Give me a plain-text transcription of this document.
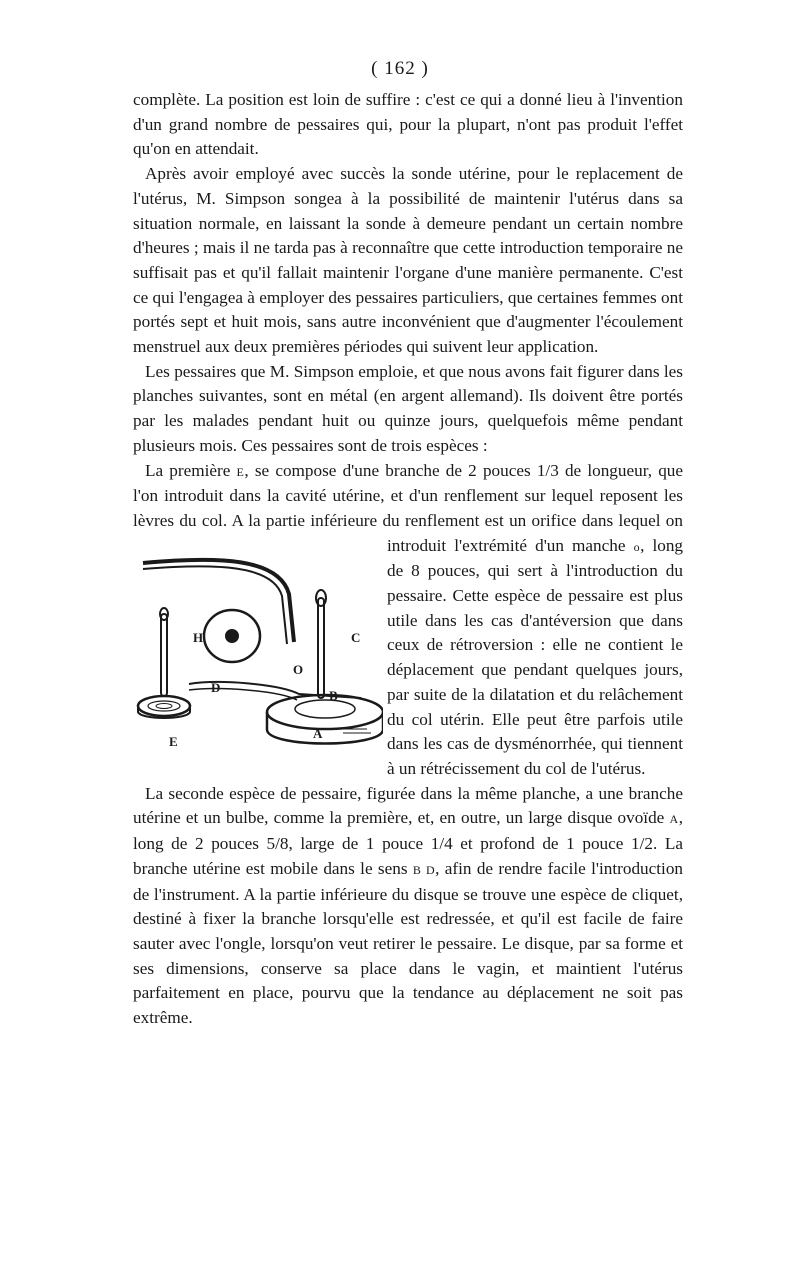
( 162 )

complète. La position est loin de suffire : c'est ce qui a donné lieu à l'invention d'un grand nombre de pessaires qui, pour la plupart, n'ont pas produit l'effet qu'on en attendait.

Après avoir employé avec succès la sonde utérine, pour le replacement de l'utérus, M. Simpson songea à la possibilité de maintenir l'utérus dans sa situation normale, en laissant la sonde à demeure pendant un certain nombre d'heures ; mais il ne tarda pas à reconnaître que cette introduction temporaire ne suffisait pas et qu'il fallait maintenir l'organe d'une manière permanente. C'est ce qui l'engagea à employer des pessaires particuliers, que certaines femmes ont portés sept et huit mois, sans autre inconvénient que d'augmenter l'écoulement menstruel aux deux premières périodes qui suivent leur application.

Les pessaires que M. Simpson emploie, et que nous avons fait figurer dans les planches suivantes, sont en métal (en argent allemand). Ils doivent être portés par les malades pendant huit ou quinze jours, quelquefois même pendant plusieurs mois. Ces pessaires sont de trois espèces :

La première E, se compose d'une branche de 2 pouces 1/3 de longueur, que l'on introduit dans la cavité utérine, et d'un renflement sur lequel reposent les lèvres du col. A la partie inférieure du renflement est un orifice dans lequel on introduit l'extrémité d'un manche
H
O
C
D
B
A
E
o, long de 8 pouces, qui sert à l'introduction du pessaire. Cette espèce de pessaire est plus utile dans les cas d'antéversion que dans ceux de rétroversion : elle ne contient le déplacement que pendant quelques jours, par suite de la dilatation et du relâchement du col utérin. Elle peut être parfois utile dans les cas de dysménorrhée, qui tiennent à un rétrécissement du col de l'utérus.

La seconde espèce de pessaire, figurée dans la même planche, a une branche utérine et un bulbe, comme la première, et, en outre, un large disque ovoïde A, long de 2 pouces 5/8, large de 1 pouce 1/4 et profond de 1 pouce 1/2. La branche utérine est mobile dans le sens B D, afin de rendre facile l'introduction de l'instrument. A la partie inférieure du disque se trouve une espèce de cliquet, destiné à fixer la branche lorsqu'elle est redressée, et qu'il est facile de faire sauter avec l'ongle, lorsqu'on veut retirer le pessaire. Le disque, par sa forme et ses dimensions, conserve sa place dans le vagin, et maintient l'utérus parfaitement en place, pourvu que la tendance au déplacement ne soit pas extrême.
